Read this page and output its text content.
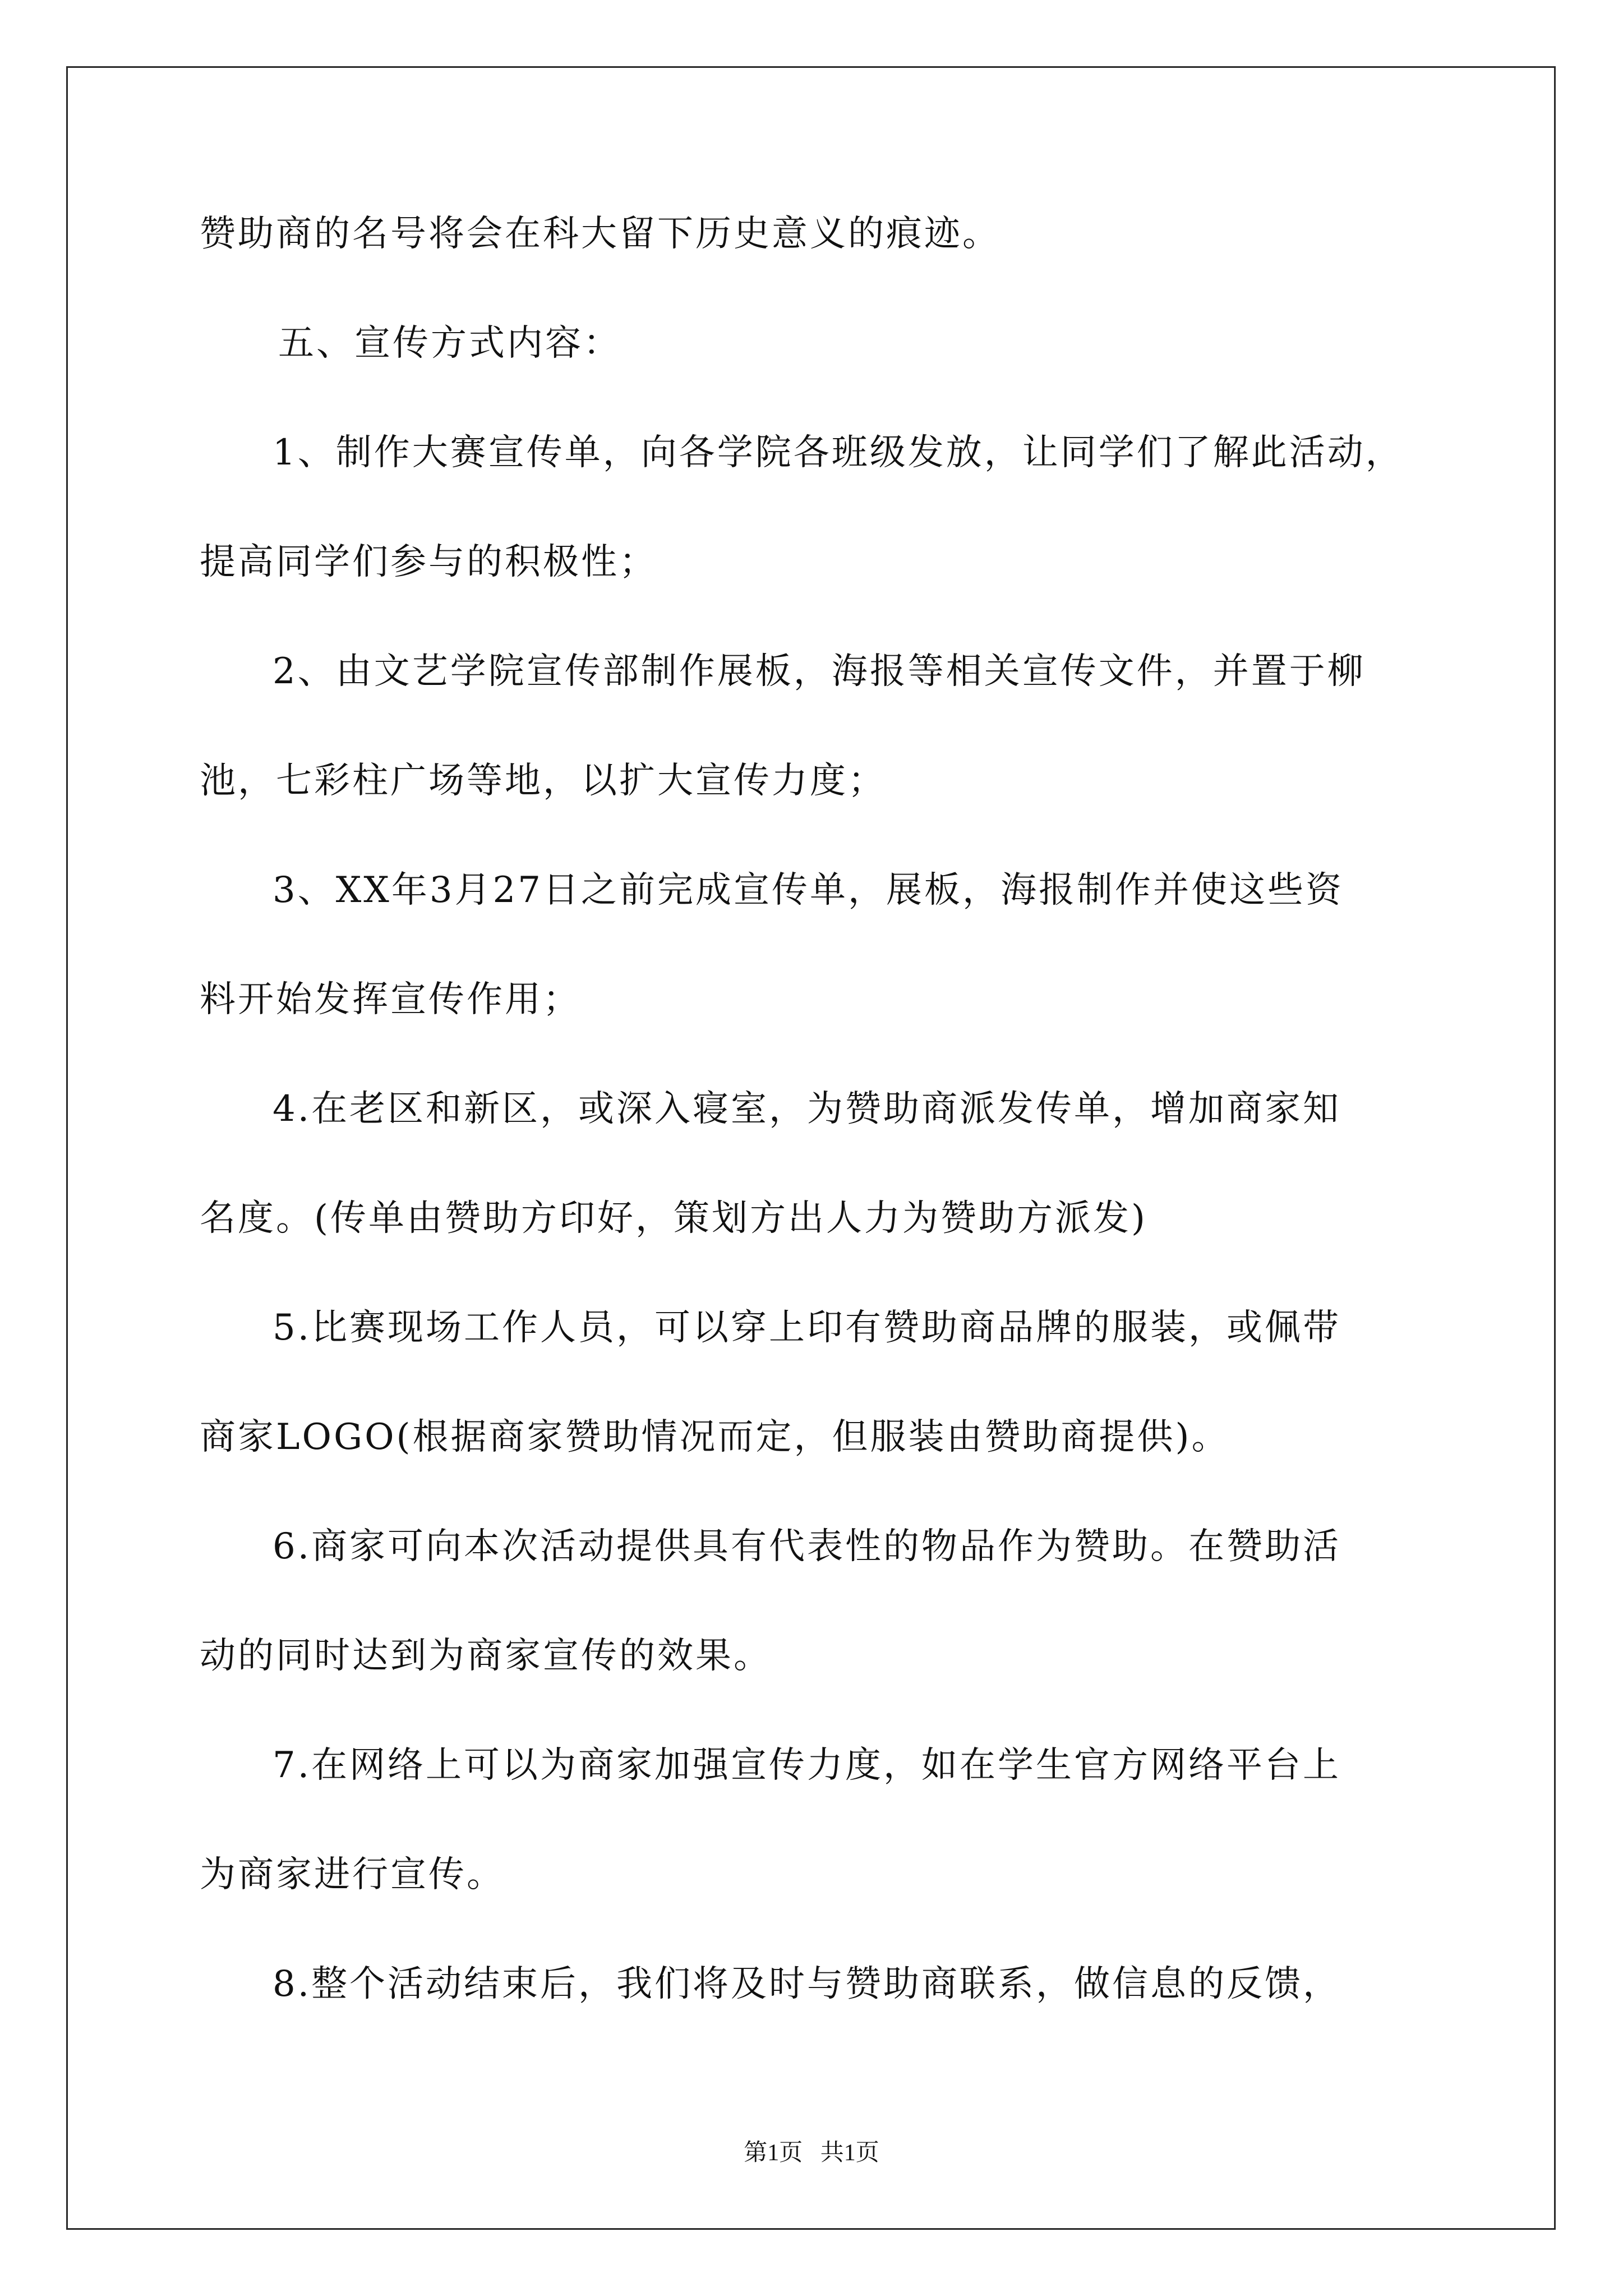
赞助商的名号将会在科大留下历史意义的痕迹。
五、宣传方式内容：
1、制作大赛宣传单，向各学院各班级发放，让同学们了解此活动，
提高同学们参与的积极性；
2、由文艺学院宣传部制作展板，海报等相关宣传文件，并置于柳
池，七彩柱广场等地，以扩大宣传力度；
3、XX年3月27日之前完成宣传单，展板，海报制作并使这些资
料开始发挥宣传作用；
4.在老区和新区，或深入寝室，为赞助商派发传单，增加商家知
名度。(传单由赞助方印好，策划方出人力为赞助方派发)
5.比赛现场工作人员，可以穿上印有赞助商品牌的服装，或佩带
商家LOGO(根据商家赞助情况而定，但服装由赞助商提供)。
6.商家可向本次活动提供具有代表性的物品作为赞助。在赞助活
动的同时达到为商家宣传的效果。
7.在网络上可以为商家加强宣传力度，如在学生官方网络平台上
为商家进行宣传。
8.整个活动结束后，我们将及时与赞助商联系，做信息的反馈，
第1页   共1页
